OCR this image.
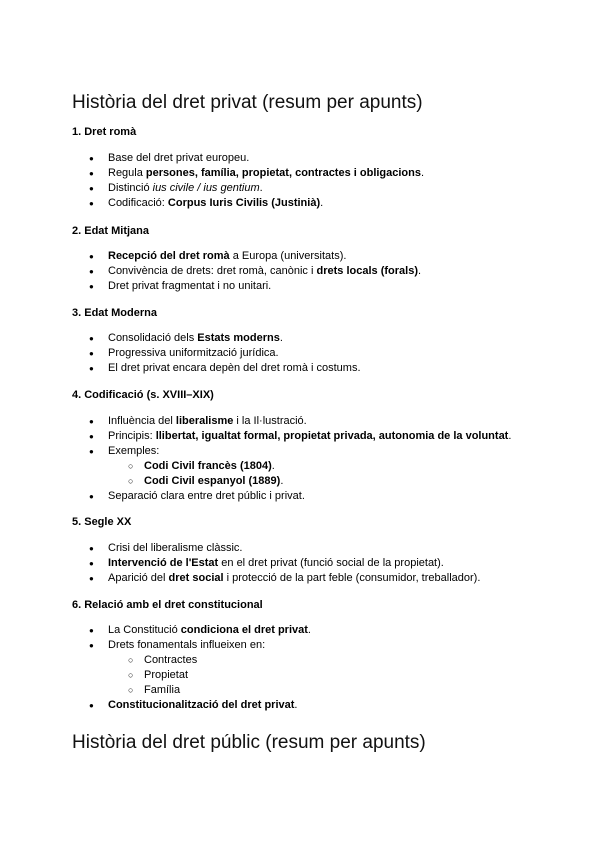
Història del dret privat (resum per apunts)
1. Dret romà
● Base del dret privat europeu.
● Regula persones, família, propietat, contractes i obligacions.
● Distinció ius civile / ius gentium.
● Codificació: Corpus Iuris Civilis (Justinià).
2. Edat Mitjana
● Recepció del dret romà a Europa (universitats).
● Convivència de drets: dret romà, canònic i drets locals (forals).
● Dret privat fragmentat i no unitari.
3. Edat Moderna
● Consolidació dels Estats moderns.
● Progressiva uniformització jurídica.
● El dret privat encara depèn del dret romà i costums.
4. Codificació (s. XVIII–XIX)
● Influència del liberalisme i la Il·lustració.
● Principis: llibertat, igualtat formal, propietat privada, autonomia de la voluntat.
● Exemples:
○ Codi Civil francès (1804).
○ Codi Civil espanyol (1889).
● Separació clara entre dret públic i privat.
5. Segle XX
● Crisi del liberalisme clàssic.
● Intervenció de l'Estat en el dret privat (funció social de la propietat).
● Aparició del dret social i protecció de la part feble (consumidor, treballador).
6. Relació amb el dret constitucional
● La Constitució condiciona el dret privat.
● Drets fonamentals influeixen en:
○ Contractes
○ Propietat
○ Família
● Constitucionalització del dret privat.
Història del dret públic (resum per apunts)
